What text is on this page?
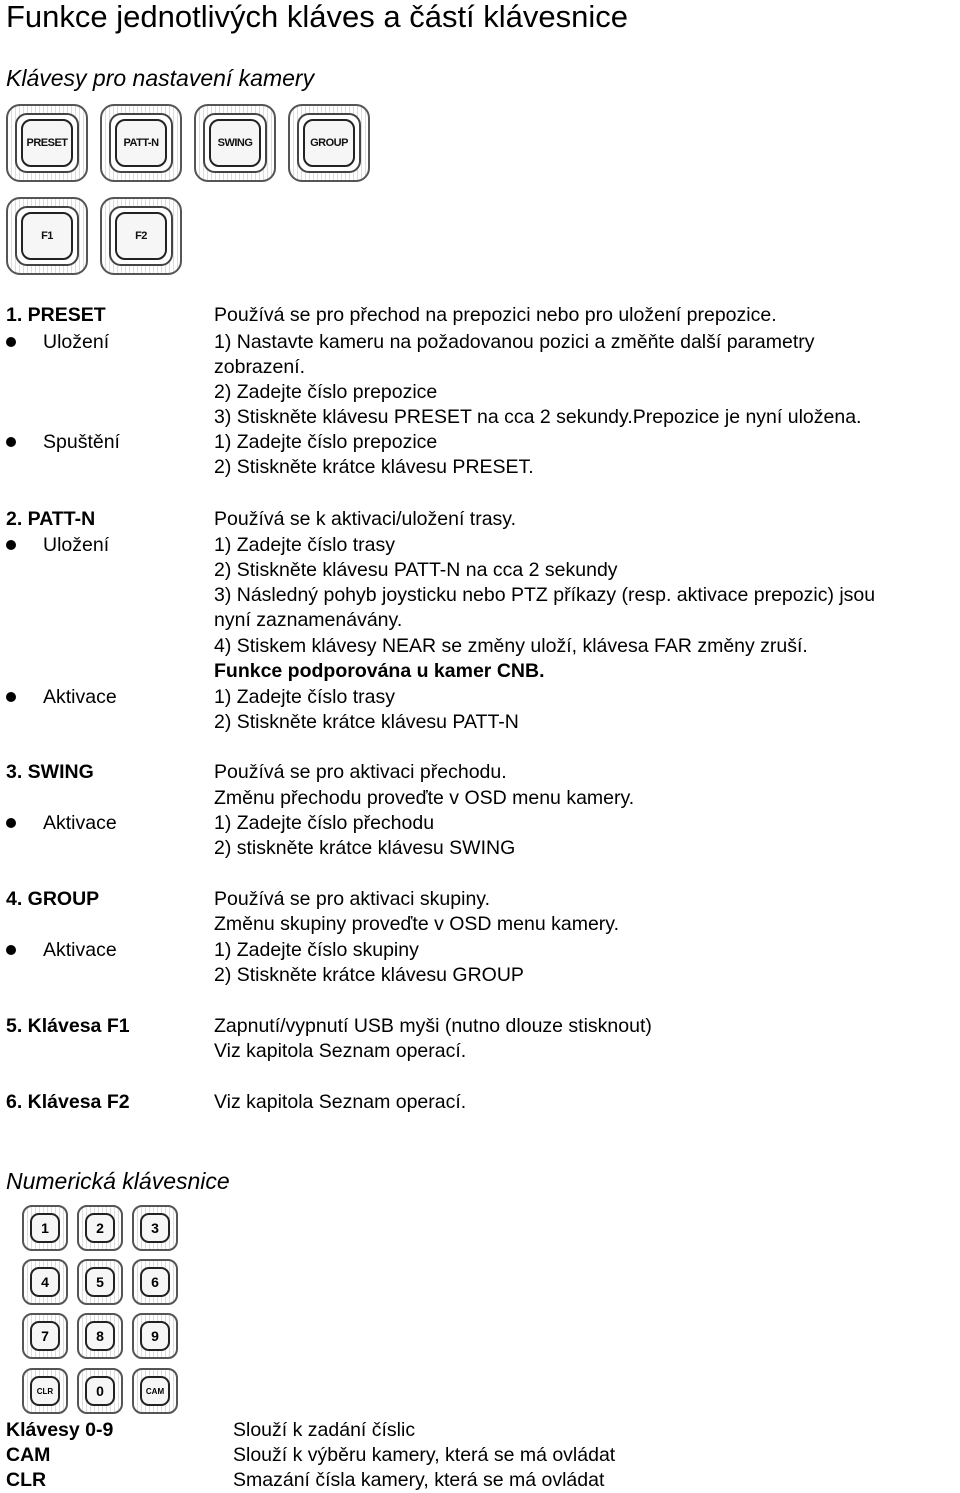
Funkce jednotlivých kláves a částí klávesnice
Klávesy pro nastavení kamery
PRESET	PATT-N	SWING	GROUP
F1	F2
1. PRESET	Používá se pro přechod na prepozici nebo pro uložení prepozice.
Uložení	1) Nastavte kameru na požadovanou pozici a změňte další parametry
zobrazení.
2) Zadejte číslo prepozice
3) Stiskněte klávesu PRESET na cca 2 sekundy.Prepozice je nyní uložena.
Spuštění	1) Zadejte číslo prepozice
2) Stiskněte krátce klávesu PRESET.
2. PATT-N	Používá se k aktivaci/uložení trasy.
Uložení	1) Zadejte číslo trasy
2) Stiskněte klávesu PATT-N na cca 2 sekundy
3) Následný pohyb joysticku nebo PTZ příkazy (resp. aktivace prepozic) jsou
nyní zaznamenávány.
4) Stiskem klávesy NEAR se změny uloží, klávesa FAR změny zruší.
Funkce podporována u kamer CNB.
Aktivace	1) Zadejte číslo trasy
2) Stiskněte krátce klávesu PATT-N
3. SWING	Používá se pro aktivaci přechodu.
Změnu přechodu proveďte v OSD menu kamery.
Aktivace	1) Zadejte číslo přechodu
2) stiskněte krátce klávesu SWING
4. GROUP	Používá se pro aktivaci skupiny.
Změnu skupiny proveďte v OSD menu kamery.
Aktivace	1) Zadejte číslo skupiny
2) Stiskněte krátce klávesu GROUP
5. Klávesa F1	Zapnutí/vypnutí USB myši (nutno dlouze stisknout)
Viz kapitola Seznam operací.
6. Klávesa F2	Viz kapitola Seznam operací.
Numerická klávesnice
1	2	3
4	5	6
7	8	9
CLR	0	CAM
Klávesy 0-9	Slouží k zadání číslic
CAM	Slouží k výběru kamery, která se má ovládat
CLR	Smazání čísla kamery, která se má ovládat
